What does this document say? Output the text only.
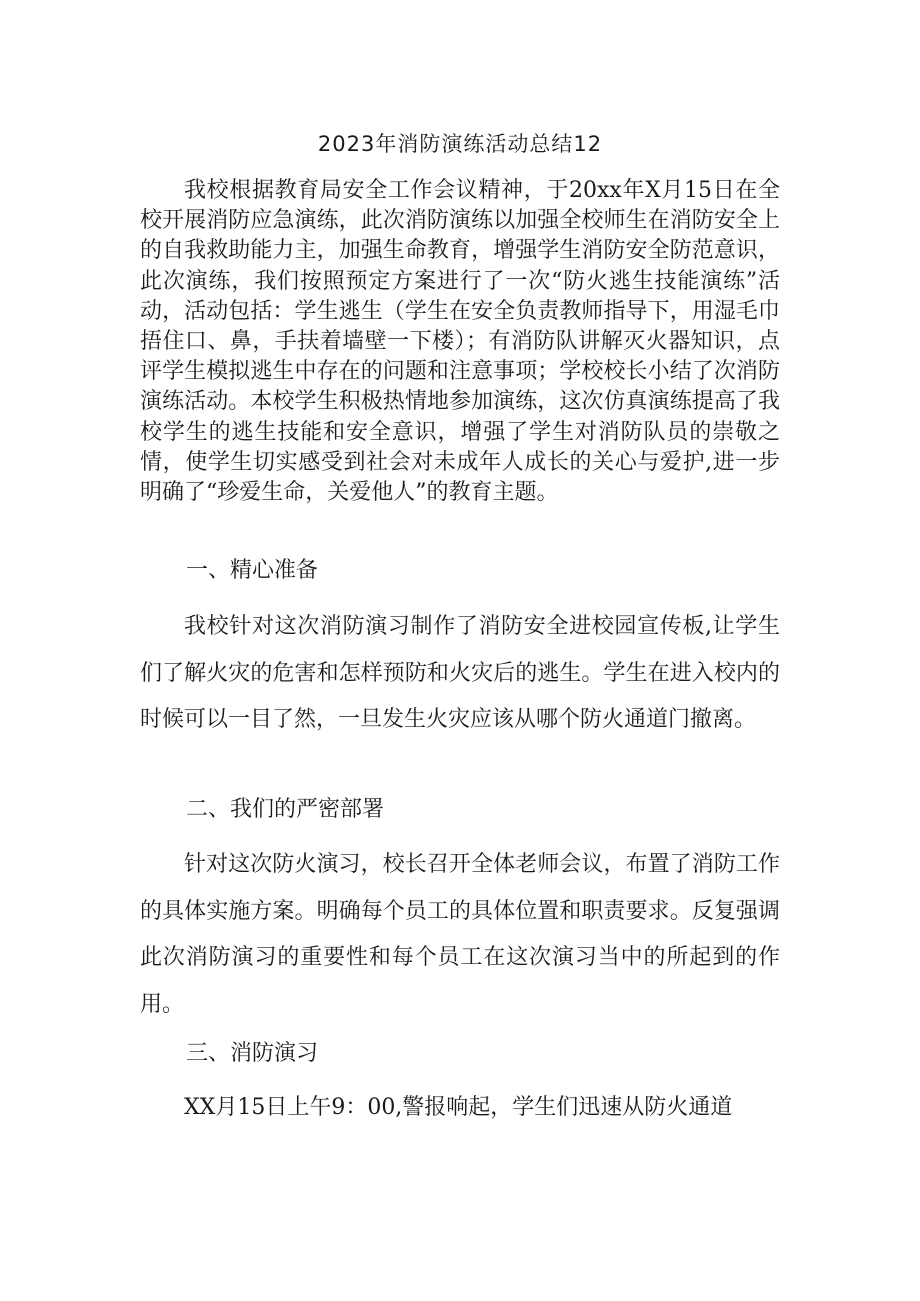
2023年消防演练活动总结12

我校根据教育局安全工作会议精神，于20xx年X月15日在全校开展消防应急演练，此次消防演练以加强全校师生在消防安全上的自我救助能力主，加强生命教育，增强学生消防安全防范意识，此次演练，我们按照预定方案进行了一次“防火逃生技能演练”活动，活动包括：学生逃生（学生在安全负责教师指导下，用湿毛巾捂住口、鼻，手扶着墙壁一下楼）；有消防队讲解灭火器知识，点评学生模拟逃生中存在的问题和注意事项；学校校长小结了次消防演练活动。本校学生积极热情地参加演练，这次仿真演练提高了我校学生的逃生技能和安全意识，增强了学生对消防队员的崇敬之情，使学生切实感受到社会对未成年人成长的关心与爱护,进一步明确了“珍爱生命，关爱他人”的教育主题。

一、精心准备

我校针对这次消防演习制作了消防安全进校园宣传板,让学生们了解火灾的危害和怎样预防和火灾后的逃生。学生在进入校内的时候可以一目了然，一旦发生火灾应该从哪个防火通道门撤离。

二、我们的严密部署

针对这次防火演习，校长召开全体老师会议，布置了消防工作的具体实施方案。明确每个员工的具体位置和职责要求。反复强调此次消防演习的重要性和每个员工在这次演习当中的所起到的作用。

三、消防演习

XX月15日上午9：00,警报响起，学生们迅速从防火通道
